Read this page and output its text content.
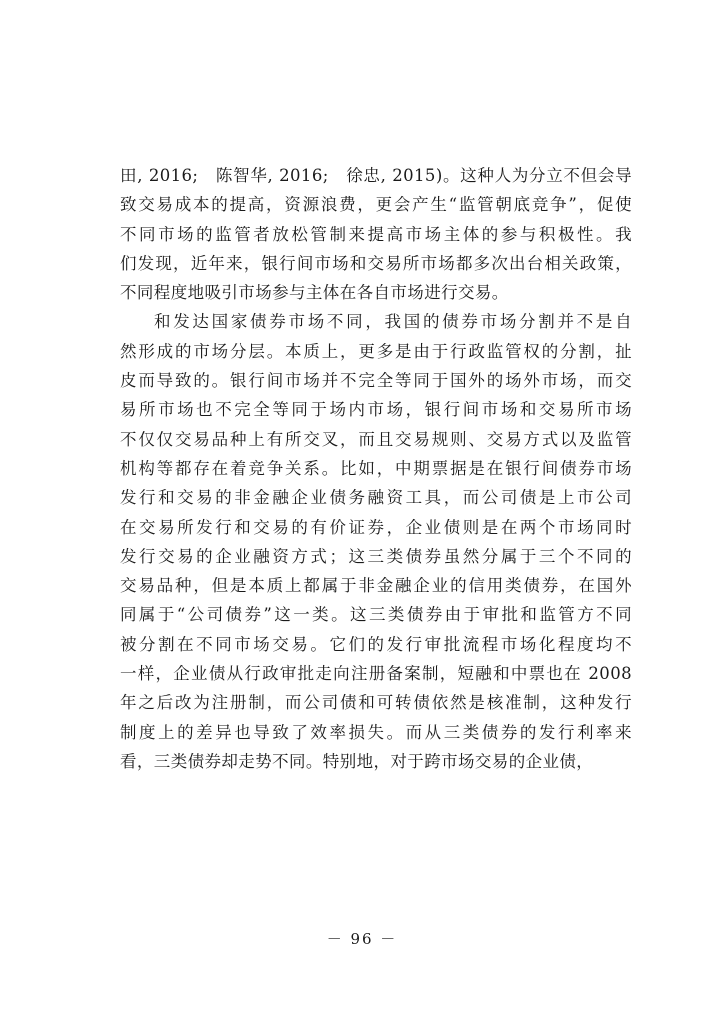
田, 2016;　陈智华, 2016;　徐忠, 2015)。这种人为分立不但会导
致交易成本的提高，资源浪费，更会产生“监管朝底竞争”，促使
不同市场的监管者放松管制来提高市场主体的参与积极性。我
们发现，近年来，银行间市场和交易所市场都多次出台相关政策，
不同程度地吸引市场参与主体在各自市场进行交易。
和发达国家债券市场不同，我国的债券市场分割并不是自
然形成的市场分层。本质上，更多是由于行政监管权的分割，扯
皮而导致的。银行间市场并不完全等同于国外的场外市场，而交
易所市场也不完全等同于场内市场，银行间市场和交易所市场
不仅仅交易品种上有所交叉，而且交易规则、交易方式以及监管
机构等都存在着竞争关系。比如，中期票据是在银行间债券市场
发行和交易的非金融企业债务融资工具，而公司债是上市公司
在交易所发行和交易的有价证券，企业债则是在两个市场同时
发行交易的企业融资方式；这三类债券虽然分属于三个不同的
交易品种，但是本质上都属于非金融企业的信用类债券，在国外
同属于“公司债券”这一类。这三类债券由于审批和监管方不同
被分割在不同市场交易。它们的发行审批流程市场化程度均不
一样，企业债从行政审批走向注册备案制，短融和中票也在 2008
年之后改为注册制，而公司债和可转债依然是核准制，这种发行
制度上的差异也导致了效率损失。而从三类债券的发行利率来
看，三类债券却走势不同。特别地，对于跨市场交易的企业债，
－ 96 －
